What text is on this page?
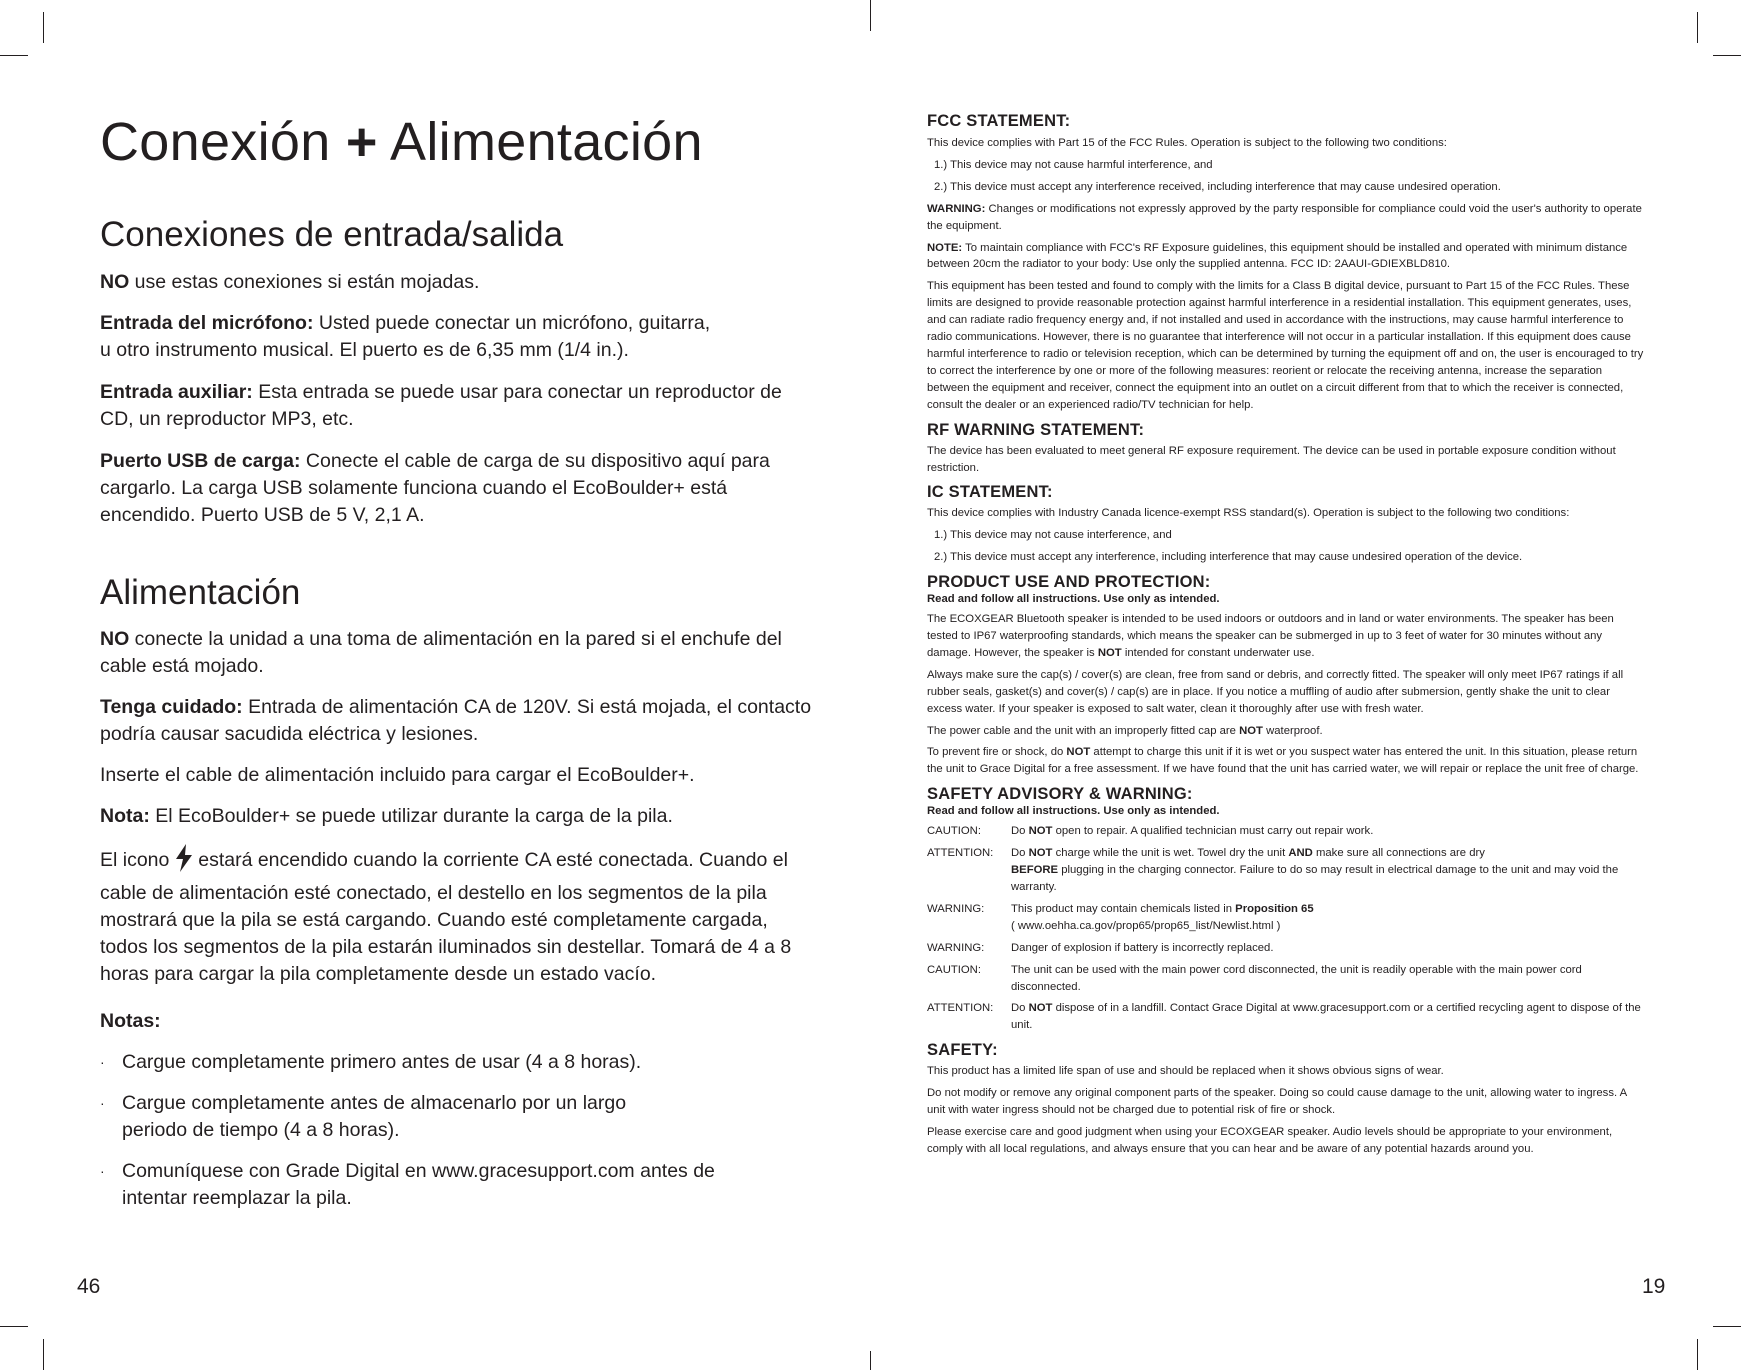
Conexión + Alimentación
Conexiones de entrada/salida

NO use estas conexiones si están mojadas.

Entrada del micrófono: Usted puede conectar un micrófono, guitarra,
u otro instrumento musical. El puerto es de 6,35 mm (1/4 in.).

Entrada auxiliar: Esta entrada se puede usar para conectar un reproductor de CD, un reproductor MP3, etc.

Puerto USB de carga: Conecte el cable de carga de su dispositivo aquí para cargarlo. La carga USB solamente funciona cuando el EcoBoulder+ está encendido. Puerto USB de 5 V, 2,1 A.

Alimentación

NO conecte la unidad a una toma de alimentación en la pared si el enchufe del cable está mojado.

Tenga cuidado: Entrada de alimentación CA de 120V. Si está mojada, el contacto podría causar sacudida eléctrica y lesiones.

Inserte el cable de alimentación incluido para cargar el EcoBoulder+.

Nota: El EcoBoulder+ se puede utilizar durante la carga de la pila.

El icono estará encendido cuando la corriente CA esté conectada. Cuando el cable de alimentación esté conectado, el destello en los segmentos de la pila mostrará que la pila se está cargando. Cuando esté completamente cargada, todos los segmentos de la pila estarán iluminados sin destellar. Tomará de 4 a 8 horas para cargar la pila completamente desde un estado vacío.

Notas:

· Cargue completamente primero antes de usar (4 a 8 horas).
· Cargue completamente antes de almacenarlo por un largo periodo de tiempo (4 a 8 horas).
· Comuníquese con Grade Digital en www.gracesupport.com antes de intentar reemplazar la pila.
46
FCC STATEMENT:

This device complies with Part 15 of the FCC Rules. Operation is subject to the following two conditions:

1.) This device may not cause harmful interference, and

2.) This device must accept any interference received, including interference that may cause undesired operation.

WARNING: Changes or modifications not expressly approved by the party responsible for compliance could void the user's authority to operate the equipment.

NOTE: To maintain compliance with FCC's RF Exposure guidelines, this equipment should be installed and operated with minimum distance between 20cm the radiator to your body: Use only the supplied antenna. FCC ID: 2AAUI-GDIEXBLD810.

This equipment has been tested and found to comply with the limits for a Class B digital device, pursuant to Part 15 of the FCC Rules. These limits are designed to provide reasonable protection against harmful interference in a residential installation. This equipment generates, uses, and can radiate radio frequency energy and, if not installed and used in accordance with the instructions, may cause harmful interference to radio communications. However, there is no guarantee that interference will not occur in a particular installation. If this equipment does cause harmful interference to radio or television reception, which can be determined by turning the equipment off and on, the user is encouraged to try to correct the interference by one or more of the following measures: reorient or relocate the receiving antenna, increase the separation between the equipment and receiver, connect the equipment into an outlet on a circuit different from that to which the receiver is connected, consult the dealer or an experienced radio/TV technician for help.

RF WARNING STATEMENT:

The device has been evaluated to meet general RF exposure requirement. The device can be used in portable exposure condition without restriction.

IC STATEMENT:

This device complies with Industry Canada licence-exempt RSS standard(s). Operation is subject to the following two conditions:

1.) This device may not cause interference, and

2.) This device must accept any interference, including interference that may cause undesired operation of the device.

PRODUCT USE AND PROTECTION:

Read and follow all instructions. Use only as intended.

The ECOXGEAR Bluetooth speaker is intended to be used indoors or outdoors and in land or water environments. The speaker has been tested to IP67 waterproofing standards, which means the speaker can be submerged in up to 3 feet of water for 30 minutes without any damage. However, the speaker is NOT intended for constant underwater use.

Always make sure the cap(s) / cover(s) are clean, free from sand or debris, and correctly fitted. The speaker will only meet IP67 ratings if all rubber seals, gasket(s) and cover(s) / cap(s) are in place. If you notice a muffling of audio after submersion, gently shake the unit to clear excess water. If your speaker is exposed to salt water, clean it thoroughly after use with fresh water.

The power cable and the unit with an improperly fitted cap are NOT waterproof.

To prevent fire or shock, do NOT attempt to charge this unit if it is wet or you suspect water has entered the unit. In this situation, please return the unit to Grace Digital for a free assessment. If we have found that the unit has carried water, we will repair or replace the unit free of charge.

SAFETY ADVISORY & WARNING:

Read and follow all instructions. Use only as intended.

CAUTION:	Do NOT open to repair. A qualified technician must carry out repair work.
ATTENTION:	Do NOT charge while the unit is wet. Towel dry the unit AND make sure all connections are dry
BEFORE plugging in the charging connector. Failure to do so may result in electrical damage to the unit and may void the warranty.
WARNING:	This product may contain chemicals listed in Proposition 65
( www.oehha.ca.gov/prop65/prop65_list/Newlist.html )
WARNING:	Danger of explosion if battery is incorrectly replaced.
CAUTION:	The unit can be used with the main power cord disconnected, the unit is readily operable with the main power cord disconnected.
ATTENTION:	Do NOT dispose of in a landfill. Contact Grace Digital at www.gracesupport.com or a certified recycling agent to dispose of the unit.
SAFETY:

This product has a limited life span of use and should be replaced when it shows obvious signs of wear.

Do not modify or remove any original component parts of the speaker. Doing so could cause damage to the unit, allowing water to ingress. A unit with water ingress should not be charged due to potential risk of fire or shock.

Please exercise care and good judgment when using your ECOXGEAR speaker. Audio levels should be appropriate to your environment, comply with all local regulations, and always ensure that you can hear and be aware of any potential hazards around you.

19
